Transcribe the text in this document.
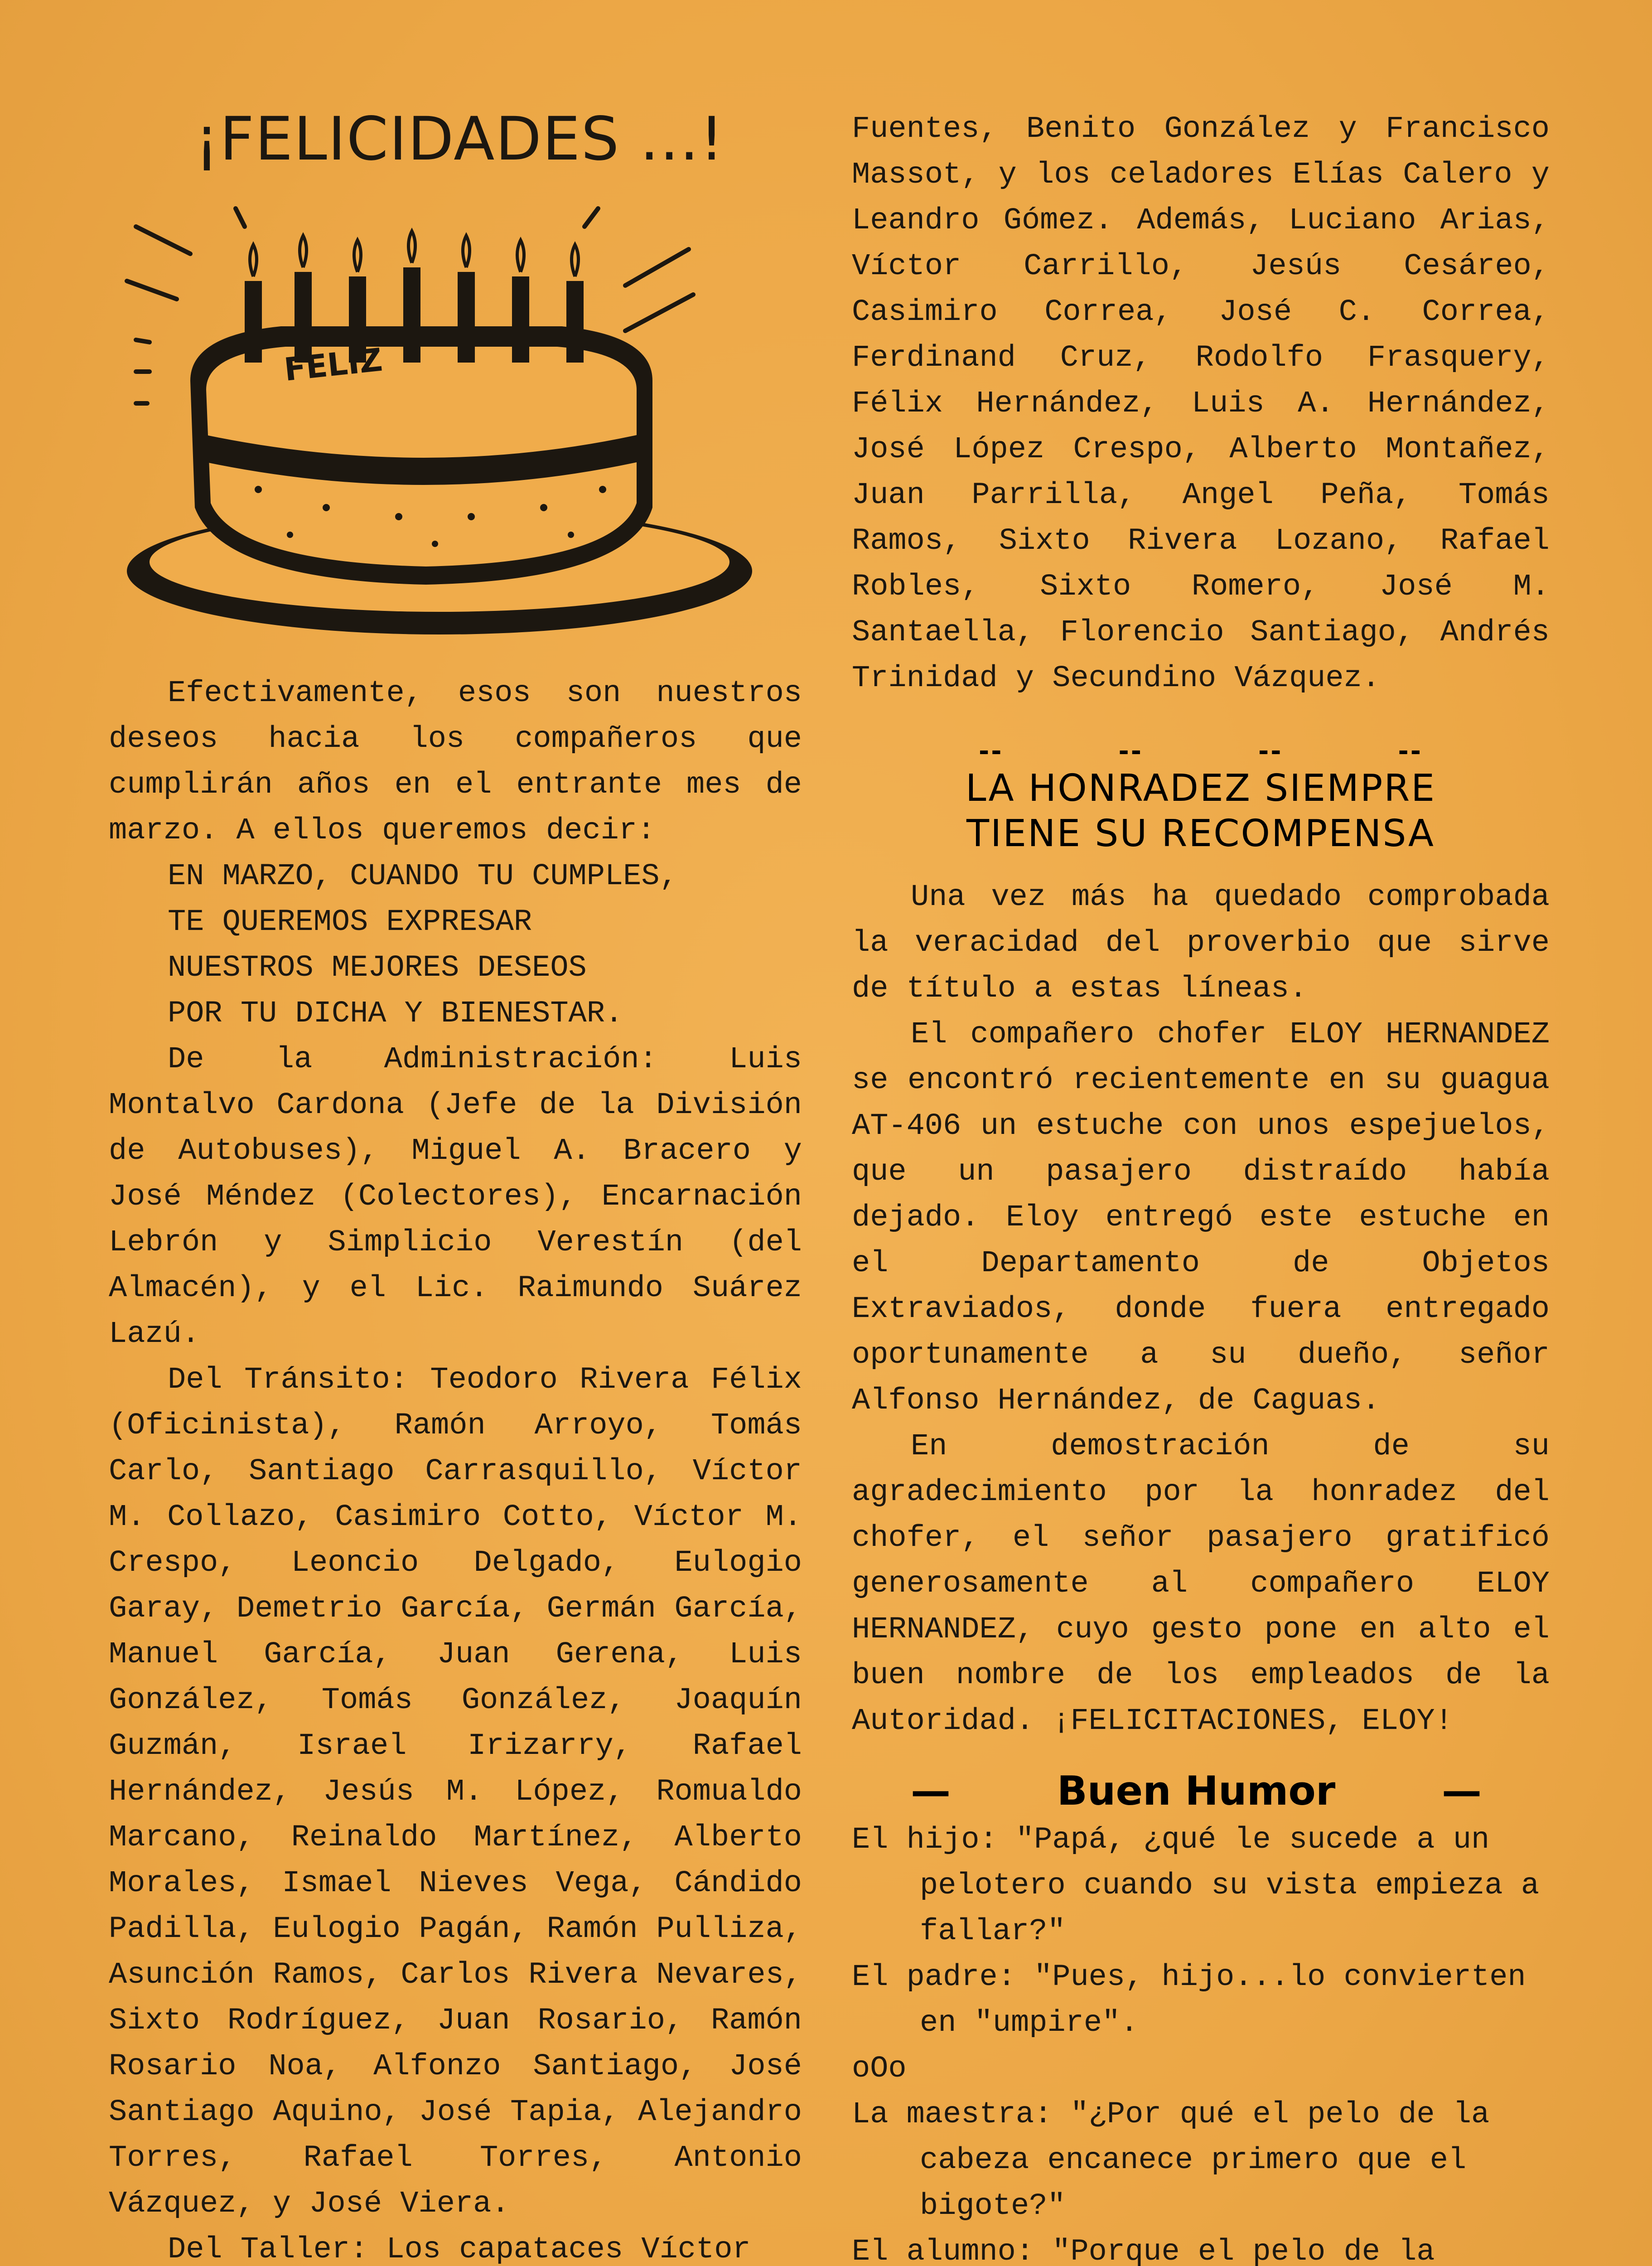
¡FELICIDADES ...!
FELIZ

Efectivamente, esos son nuestros deseos hacia los compañeros que cumplirán años en el entrante mes de marzo. A ellos queremos decir:

EN MARZO, CUANDO TU CUMPLES,
TE QUEREMOS EXPRESAR
NUESTROS MEJORES DESEOS
POR TU DICHA Y BIENESTAR.

De la Administración: Luis Montalvo Cardona (Jefe de la División de Autobuses), Miguel A. Bracero y José Méndez (Colectores), Encarnación Lebrón y Simplicio Verestín (del Almacén), y el Lic. Raimundo Suárez Lazú.

Del Tránsito: Teodoro Rivera Félix (Oficinista), Ramón Arroyo, Tomás Carlo, Santiago Carrasquillo, Víctor M. Collazo, Casimiro Cotto, Víctor M. Crespo, Leoncio Delgado, Eulogio Garay, Demetrio García, Germán García, Manuel García, Juan Gerena, Luis González, Tomás González, Joaquín Guzmán, Israel Irizarry, Rafael Hernández, Jesús M. López, Romualdo Marcano, Reinaldo Martínez, Alberto Morales, Ismael Nieves Vega, Cándido Padilla, Eulogio Pagán, Ramón Pulliza, Asunción Ramos, Carlos Rivera Nevares, Sixto Rodríguez, Juan Rosario, Ramón Rosario Noa, Alfonzo Santiago, José Santiago Aquino, José Tapia, Alejandro Torres, Rafael Torres, Antonio Vázquez, y José Viera.

Del Taller: Los capataces Víctor

Fuentes, Benito González y Francisco Massot, y los celadores Elías Calero y Leandro Gómez. Además, Luciano Arias, Víctor Carrillo, Jesús Cesáreo, Casimiro Correa, José C. Correa, Ferdinand Cruz, Rodolfo Frasquery, Félix Hernández, Luis A. Hernández, José López Crespo, Alberto Montañez, Juan Parrilla, Angel Peña, Tomás Ramos, Sixto Rivera Lozano, Rafael Robles, Sixto Romero, José M. Santaella, Florencio Santiago, Andrés Trinidad y Secundino Vázquez.

--	--	--	--
LA HONRADEZ SIEMPRE
TIENE SU RECOMPENSA

Una vez más ha quedado comprobada la veracidad del proverbio que sirve de título a estas líneas.

El compañero chofer ELOY HERNANDEZ se encontró recientemente en su guagua AT-406 un estuche con unos espejuelos, que un pasajero distraído había dejado. Eloy entregó este estuche en el Departamento de Objetos Extraviados, donde fuera entregado oportunamente a su dueño, señor Alfonso Hernández, de Caguas.

En demostración de su agradecimiento por la honradez del chofer, el señor pasajero gratificó generosamente al compañero ELOY HERNANDEZ, cuyo gesto pone en alto el buen nombre de los empleados de la Autoridad. ¡FELICITACIONES, ELOY!

—	Buen Humor	—

El hijo: "Papá, ¿qué le sucede a un pelotero cuando su vista empieza a fallar?"

El padre: "Pues, hijo...lo convierten en "umpire".

oOo

La maestra: "¿Por qué el pelo de la cabeza encanece primero que el bigote?"

El alumno: "Porque el pelo de la
